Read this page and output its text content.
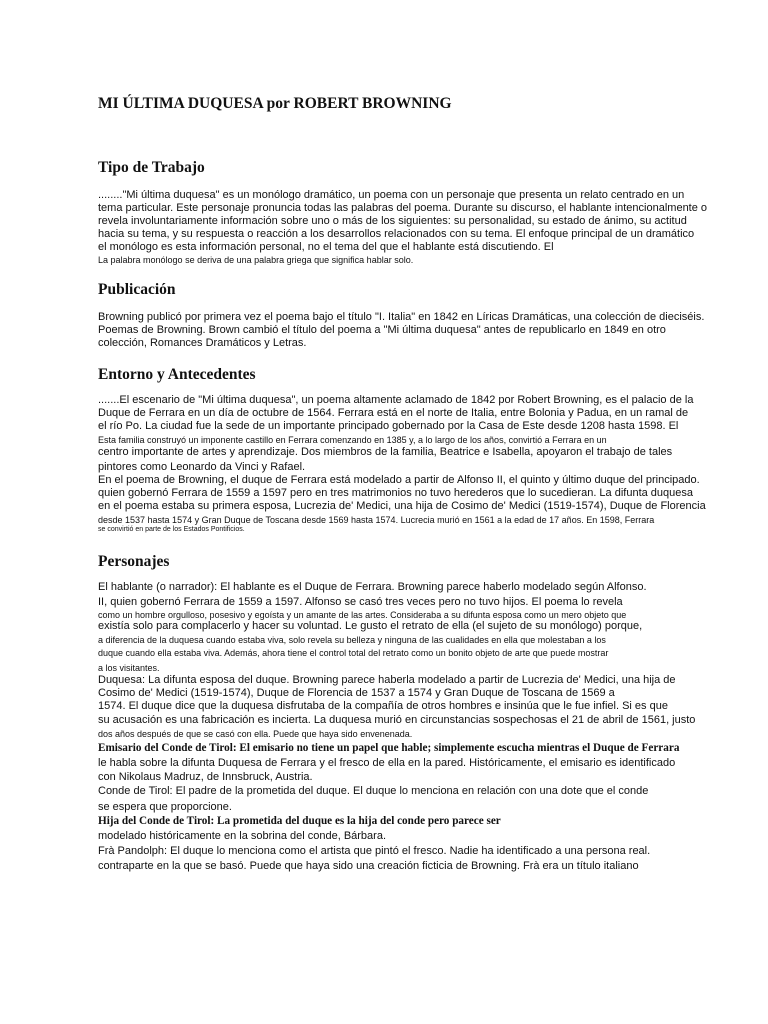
MI ÚLTIMA DUQUESA por ROBERT BROWNING
Tipo de Trabajo

........"Mi última duquesa" es un monólogo dramático, un poema con un personaje que presenta un relato centrado en un

tema particular. Este personaje pronuncia todas las palabras del poema. Durante su discurso, el hablante intencionalmente o

revela involuntariamente información sobre uno o más de los siguientes: su personalidad, su estado de ánimo, su actitud

hacia su tema, y su respuesta o reacción a los desarrollos relacionados con su tema. El enfoque principal de un dramático

el monólogo es esta información personal, no el tema del que el hablante está discutiendo. El

La palabra monólogo se deriva de una palabra griega que significa hablar solo.

Publicación

Browning publicó por primera vez el poema bajo el título "I. Italia" en 1842 en Líricas Dramáticas, una colección de dieciséis.

Poemas de Browning. Brown cambió el título del poema a "Mi última duquesa" antes de republicarlo en 1849 en otro

colección, Romances Dramáticos y Letras.

Entorno y Antecedentes

.......El escenario de "Mi última duquesa", un poema altamente aclamado de 1842 por Robert Browning, es el palacio de la

Duque de Ferrara en un día de octubre de 1564. Ferrara está en el norte de Italia, entre Bolonia y Padua, en un ramal de

el río Po. La ciudad fue la sede de un importante principado gobernado por la Casa de Este desde 1208 hasta 1598. El

Esta familia construyó un imponente castillo en Ferrara comenzando en 1385 y, a lo largo de los años, convirtió a Ferrara en un

centro importante de artes y aprendizaje. Dos miembros de la familia, Beatrice e Isabella, apoyaron el trabajo de tales

pintores como Leonardo da Vinci y Rafael.

En el poema de Browning, el duque de Ferrara está modelado a partir de Alfonso II, el quinto y último duque del principado.

quien gobernó Ferrara de 1559 a 1597 pero en tres matrimonios no tuvo herederos que lo sucedieran. La difunta duquesa

en el poema estaba su primera esposa, Lucrezia de' Medici, una hija de Cosimo de' Medici (1519-1574), Duque de Florencia

desde 1537 hasta 1574 y Gran Duque de Toscana desde 1569 hasta 1574. Lucrecia murió en 1561 a la edad de 17 años. En 1598, Ferrara

se convirtió en parte de los Estados Pontificios.

Personajes

El hablante (o narrador): El hablante es el Duque de Ferrara. Browning parece haberlo modelado según Alfonso.

II, quien gobernó Ferrara de 1559 a 1597. Alfonso se casó tres veces pero no tuvo hijos. El poema lo revela

como un hombre orgulloso, posesivo y egoísta y un amante de las artes. Consideraba a su difunta esposa como un mero objeto que

existía solo para complacerlo y hacer su voluntad. Le gusto el retrato de ella (el sujeto de su monólogo) porque,

a diferencia de la duquesa cuando estaba viva, solo revela su belleza y ninguna de las cualidades en ella que molestaban a los

duque cuando ella estaba viva. Además, ahora tiene el control total del retrato como un bonito objeto de arte que puede mostrar

a los visitantes.

Duquesa: La difunta esposa del duque. Browning parece haberla modelado a partir de Lucrezia de' Medici, una hija de

Cosimo de' Medici (1519-1574), Duque de Florencia de 1537 a 1574 y Gran Duque de Toscana de 1569 a

1574. El duque dice que la duquesa disfrutaba de la compañía de otros hombres e insinúa que le fue infiel. Si es que

su acusación es una fabricación es incierta. La duquesa murió en circunstancias sospechosas el 21 de abril de 1561, justo

dos años después de que se casó con ella. Puede que haya sido envenenada.

Emisario del Conde de Tirol: El emisario no tiene un papel que hable; simplemente escucha mientras el Duque de Ferrara

le habla sobre la difunta Duquesa de Ferrara y el fresco de ella en la pared. Históricamente, el emisario es identificado

con Nikolaus Madruz, de Innsbruck, Austria.

Conde de Tirol: El padre de la prometida del duque. El duque lo menciona en relación con una dote que el conde

se espera que proporcione.

Hija del Conde de Tirol: La prometida del duque es la hija del conde pero parece ser

modelado históricamente en la sobrina del conde, Bárbara.

Frà Pandolph: El duque lo menciona como el artista que pintó el fresco. Nadie ha identificado a una persona real.

contraparte en la que se basó. Puede que haya sido una creación ficticia de Browning. Frà era un título italiano
